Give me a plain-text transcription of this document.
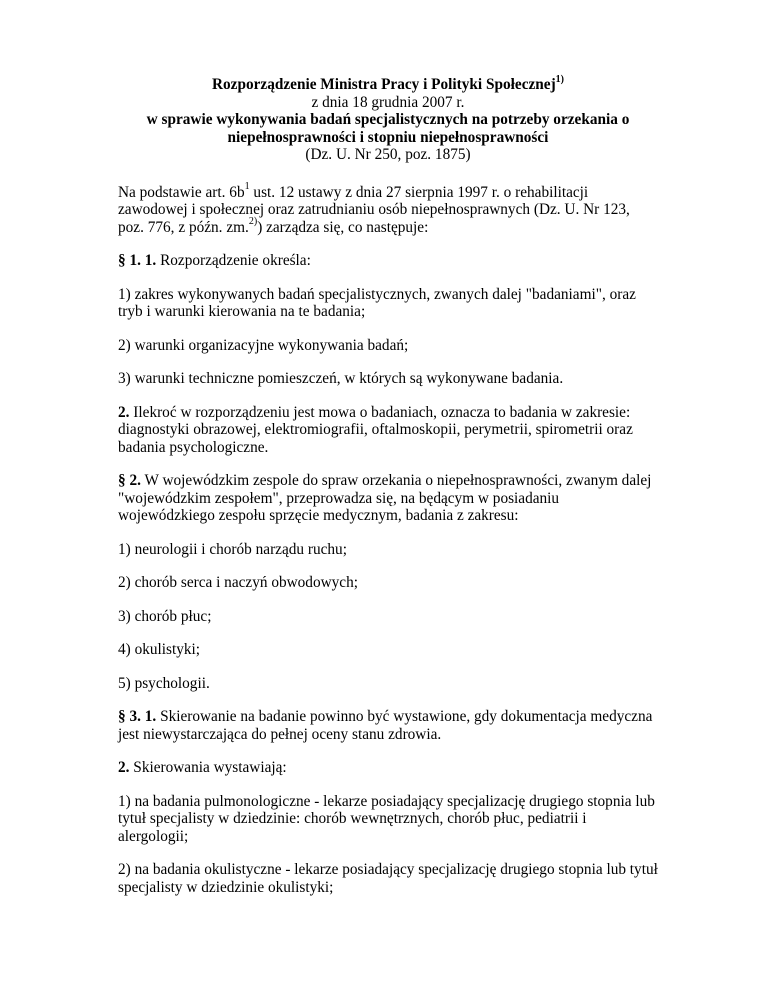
Rozporządzenie Ministra Pracy i Polityki Społecznej$^{1)}$
z dnia 18 grudnia 2007 r.
w sprawie wykonywania badań specjalistycznych na potrzeby orzekania o
niepełnosprawności i stopniu niepełnosprawności
(Dz. U. Nr 250, poz. 1875)

Na podstawie art. $6b^1$ ust. 12 ustawy z dnia 27 sierpnia 1997 r. o rehabilitacji zawodowej i społecznej oraz zatrudnianiu osób niepełnosprawnych (Dz. U. Nr 123, poz. 776, z późn. zm.$^{2)}$) zarządza się, co następuje:

§ 1. 1. Rozporządzenie określa:

1) zakres wykonywanych badań specjalistycznych, zwanych dalej "badaniami", oraz tryb i warunki kierowania na te badania;

2) warunki organizacyjne wykonywania badań;

3) warunki techniczne pomieszczeń, w których są wykonywane badania.

2. Ilekroć w rozporządzeniu jest mowa o badaniach, oznacza to badania w zakresie: diagnostyki obrazowej, elektromiografii, oftalmoskopii, perymetrii, spirometrii oraz badania psychologiczne.

§ 2. W wojewódzkim zespole do spraw orzekania o niepełnosprawności, zwanym dalej "wojewódzkim zespołem", przeprowadza się, na będącym w posiadaniu wojewódzkiego zespołu sprzęcie medycznym, badania z zakresu:

1) neurologii i chorób narządu ruchu;

2) chorób serca i naczyń obwodowych;

3) chorób płuc;

4) okulistyki;

5) psychologii.

§ 3. 1. Skierowanie na badanie powinno być wystawione, gdy dokumentacja medyczna jest niewystarczająca do pełnej oceny stanu zdrowia.

2. Skierowania wystawiają:

1) na badania pulmonologiczne - lekarze posiadający specjalizację drugiego stopnia lub tytuł specjalisty w dziedzinie: chorób wewnętrznych, chorób płuc, pediatrii i alergologii;

2) na badania okulistyczne - lekarze posiadający specjalizację drugiego stopnia lub tytuł specjalisty w dziedzinie okulistyki;
